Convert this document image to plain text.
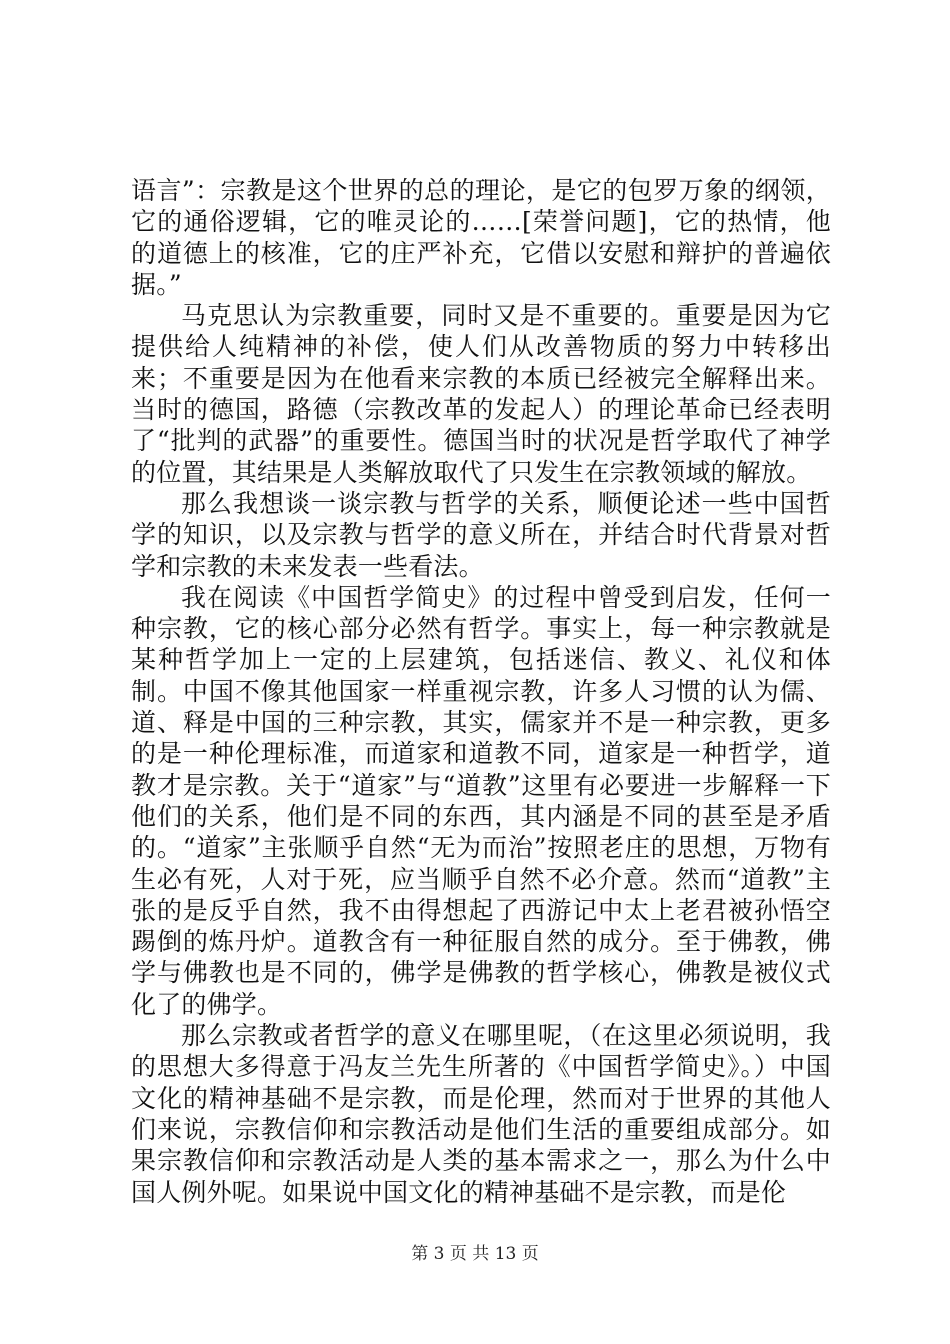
语言”：宗教是这个世界的总的理论，是它的包罗万象的纲领，它的通俗逻辑，它的唯灵论的……[荣誉问题]，它的热情，他的道德上的核准，它的庄严补充，它借以安慰和辩护的普遍依据。”

马克思认为宗教重要，同时又是不重要的。重要是因为它提供给人纯精神的补偿，使人们从改善物质的努力中转移出来；不重要是因为在他看来宗教的本质已经被完全解释出来。当时的德国，路德（宗教改革的发起人）的理论革命已经表明了“批判的武器”的重要性。德国当时的状况是哲学取代了神学的位置，其结果是人类解放取代了只发生在宗教领域的解放。

那么我想谈一谈宗教与哲学的关系，顺便论述一些中国哲学的知识，以及宗教与哲学的意义所在，并结合时代背景对哲学和宗教的未来发表一些看法。

我在阅读《中国哲学简史》的过程中曾受到启发，任何一种宗教，它的核心部分必然有哲学。事实上，每一种宗教就是某种哲学加上一定的上层建筑，包括迷信、教义、礼仪和体制。中国不像其他国家一样重视宗教，许多人习惯的认为儒、道、释是中国的三种宗教，其实，儒家并不是一种宗教，更多的是一种伦理标准，而道家和道教不同，道家是一种哲学，道教才是宗教。关于“道家”与“道教”这里有必要进一步解释一下他们的关系，他们是不同的东西，其内涵是不同的甚至是矛盾的。“道家”主张顺乎自然“无为而治”按照老庄的思想，万物有生必有死，人对于死，应当顺乎自然不必介意。然而“道教”主张的是反乎自然，我不由得想起了西游记中太上老君被孙悟空踢倒的炼丹炉。道教含有一种征服自然的成分。至于佛教，佛学与佛教也是不同的，佛学是佛教的哲学核心，佛教是被仪式化了的佛学。

那么宗教或者哲学的意义在哪里呢，（在这里必须说明，我的思想大多得意于冯友兰先生所著的《中国哲学简史》。）中国文化的精神基础不是宗教，而是伦理，然而对于世界的其他人们来说，宗教信仰和宗教活动是他们生活的重要组成部分。如果宗教信仰和宗教活动是人类的基本需求之一，那么为什么中国人例外呢。如果说中国文化的精神基础不是宗教，而是伦

第 3 页 共 13 页
